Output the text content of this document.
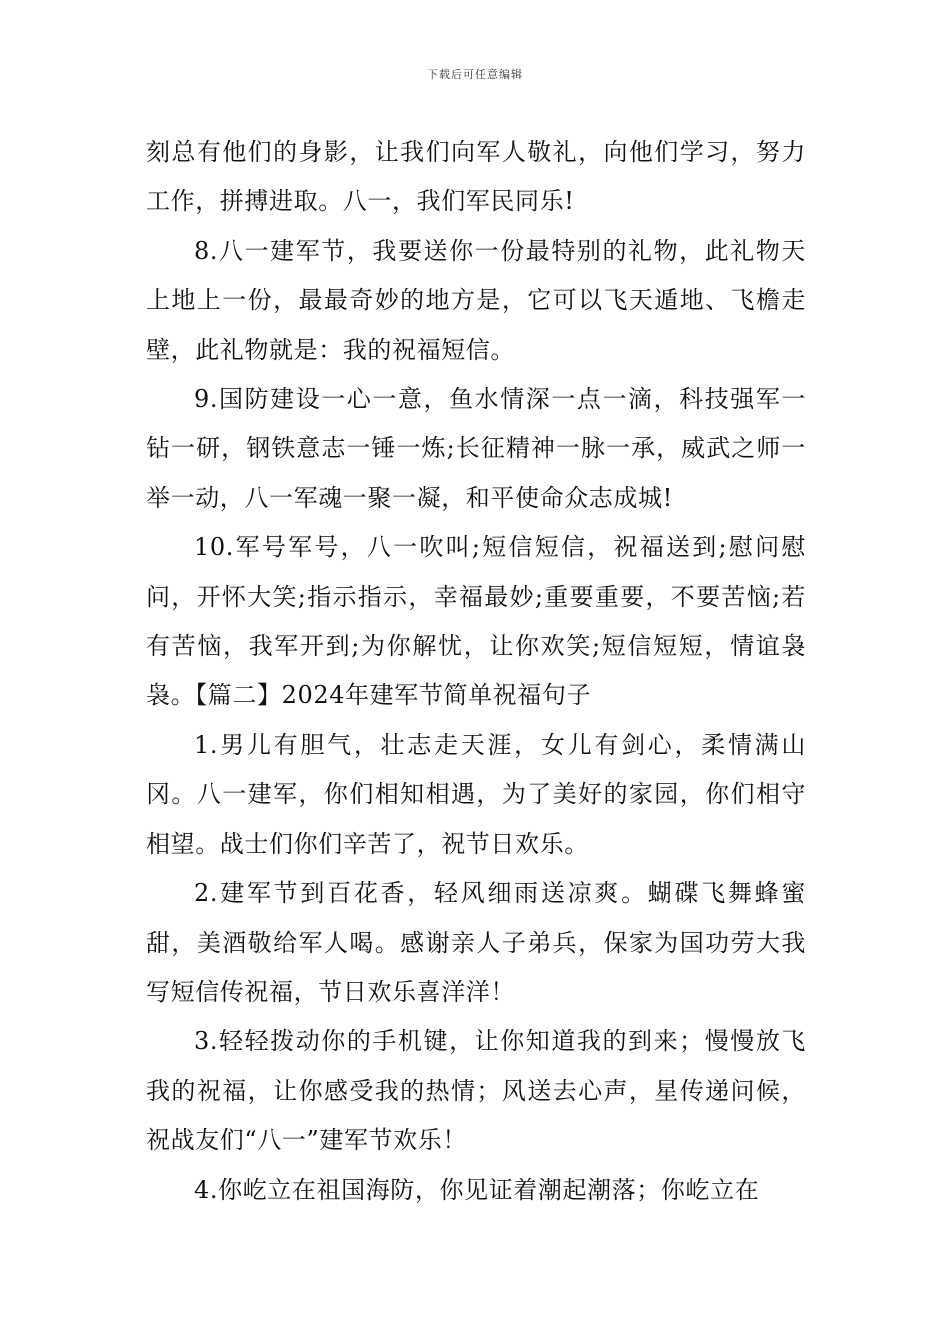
下载后可任意编辑

刻总有他们的身影，让我们向军人敬礼，向他们学习，努力工作，拼搏进取。八一，我们军民同乐!

8.八一建军节，我要送你一份最特别的礼物，此礼物天上地上一份，最最奇妙的地方是，它可以飞天遁地、飞檐走壁，此礼物就是：我的祝福短信。

9.国防建设一心一意，鱼水情深一点一滴，科技强军一钻一研，钢铁意志一锤一炼;长征精神一脉一承，威武之师一举一动，八一军魂一聚一凝，和平使命众志成城!

10.军号军号，八一吹叫;短信短信，祝福送到;慰问慰问，开怀大笑;指示指示，幸福最妙;重要重要，不要苦恼;若有苦恼，我军开到;为你解忧，让你欢笑;短信短短，情谊袅袅。【篇二】2024年建军节简单祝福句子

1.男儿有胆气，壮志走天涯，女儿有剑心，柔情满山冈。八一建军，你们相知相遇，为了美好的家园，你们相守相望。战士们你们辛苦了，祝节日欢乐。

2.建军节到百花香，轻风细雨送凉爽。蝴碟飞舞蜂蜜甜，美酒敬给军人喝。感谢亲人子弟兵，保家为国功劳大我写短信传祝福，节日欢乐喜洋洋！

3.轻轻拨动你的手机键，让你知道我的到来；慢慢放飞我的祝福，让你感受我的热情；风送去心声，星传递问候，祝战友们“八一”建军节欢乐！

4.你屹立在祖国海防，你见证着潮起潮落；你屹立在
